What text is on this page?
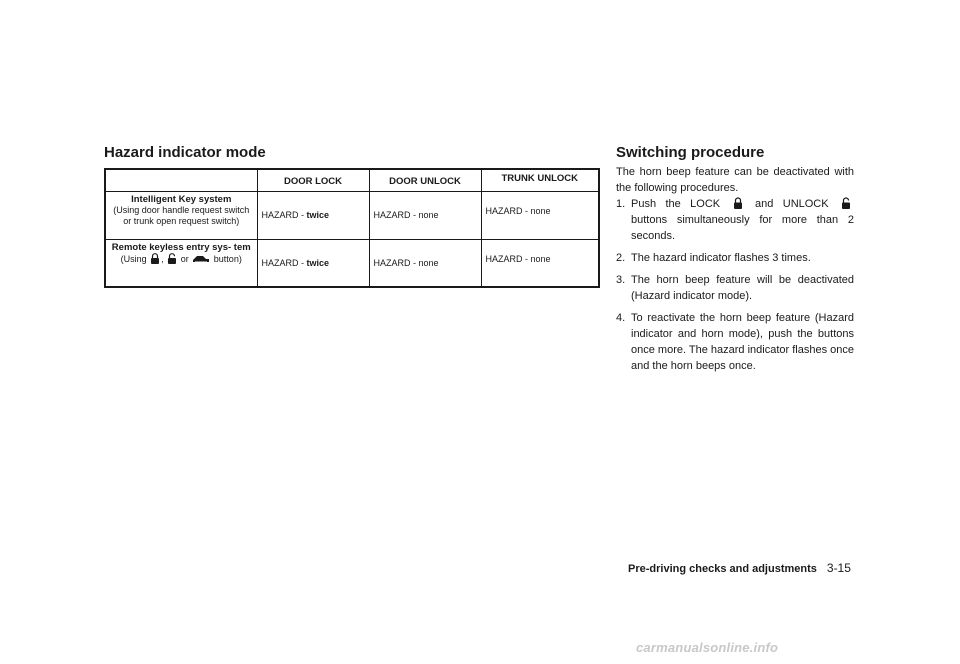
Hazard indicator mode
	DOOR LOCK	DOOR UNLOCK	TRUNK UNLOCK

Intelligent Key system
(Using door handle request switch or trunk open request switch)	HAZARD - twice	HAZARD - none	HAZARD - none

Remote keyless entry sys- tem
(Using , or button)	HAZARD - twice	HAZARD - none	HAZARD - none
Switching procedure

The horn beep feature can be deactivated with the following procedures.

1. Push the LOCK	and UNLOCK  buttons simultaneously for more than 2 seconds.
2. The hazard indicator flashes 3 times.
3. The horn beep feature will be deactivated (Hazard indicator mode).
4. To reactivate the horn beep feature (Hazard indicator and horn mode), push the buttons once more. The hazard indicator flashes once and the horn beeps once.
Pre-driving checks and adjustments 3-15
carmanualsonline.info
